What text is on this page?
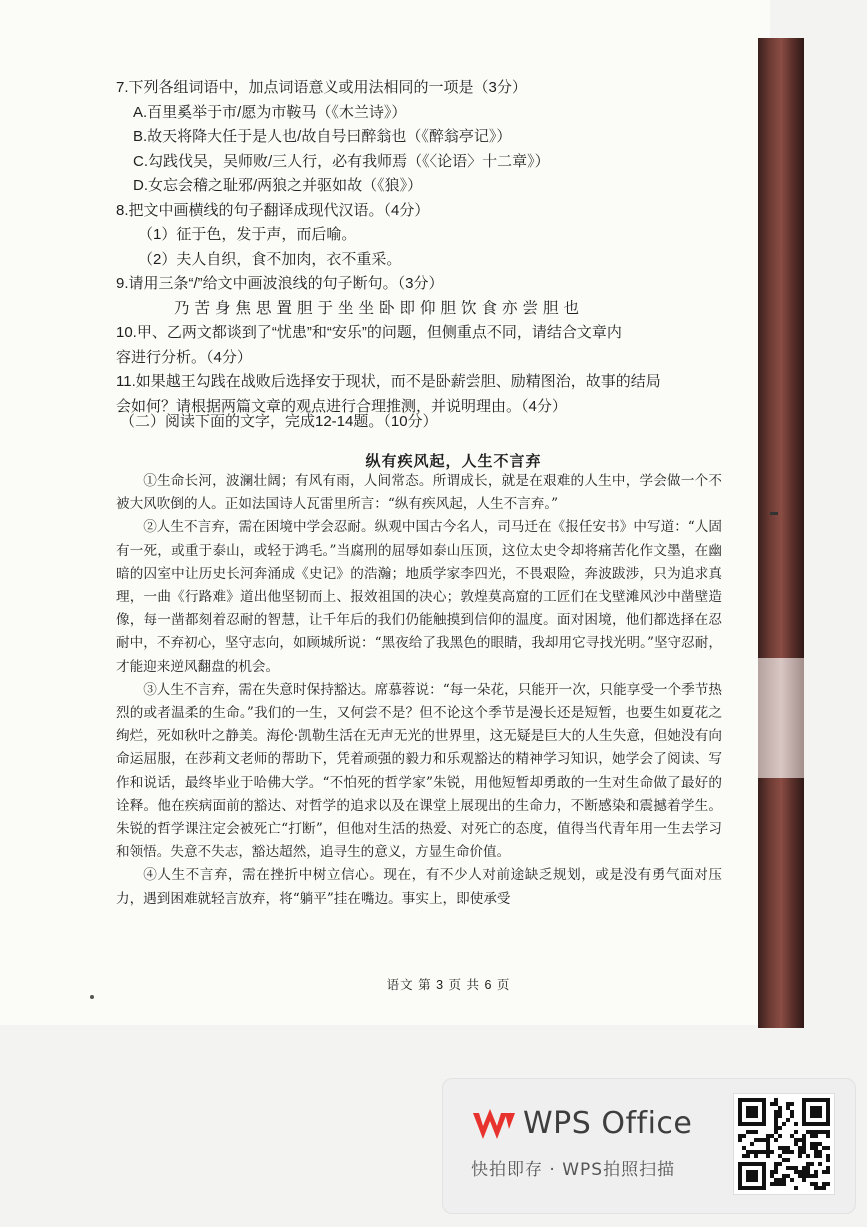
7.下列各组词语中，加点词语意义或用法相同的一项是（3分）

A.百里奚举于市/愿为市鞍马（《木兰诗》）

B.故天将降大任于是人也/故自号曰醉翁也（《醉翁亭记》）

C.勾践伐吴，吴师败/三人行，必有我师焉（《〈论语〉十二章》）

D.女忘会稽之耻邪/两狼之并驱如故（《狼》）

8.把文中画横线的句子翻译成现代汉语。（4分）

（1）征于色，发于声，而后喻。

（2）夫人自织，食不加肉，衣不重采。

9.请用三条“/”给文中画波浪线的句子断句。（3分）

乃苦身焦思置胆于坐坐卧即仰胆饮食亦尝胆也

10.甲、乙两文都谈到了“忧患”和“安乐”的问题，但侧重点不同，请结合文章内

容进行分析。（4分）

11.如果越王勾践在战败后选择安于现状，而不是卧薪尝胆、励精图治，故事的结局

会如何？请根据两篇文章的观点进行合理推测，并说明理由。（4分）

（二）阅读下面的文字，完成12-14题。（10分）
纵有疾风起，人生不言弃

①生命长河，波澜壮阔；有风有雨，人间常态。所谓成长，就是在艰难的人生中，学会做一个不被大风吹倒的人。正如法国诗人瓦雷里所言：“纵有疾风起，人生不言弃。”

②人生不言弃，需在困境中学会忍耐。纵观中国古今名人，司马迁在《报任安书》中写道：“人固有一死，或重于泰山，或轻于鸿毛。”当腐刑的屈辱如泰山压顶，这位太史令却将痛苦化作文墨，在幽暗的囚室中让历史长河奔涌成《史记》的浩瀚；地质学家李四光，不畏艰险，奔波跋涉，只为追求真理，一曲《行路难》道出他坚韧而上、报效祖国的决心；敦煌莫高窟的工匠们在戈壁滩风沙中凿壁造像，每一凿都刻着忍耐的智慧，让千年后的我们仍能触摸到信仰的温度。面对困境，他们都选择在忍耐中，不弃初心，坚守志向，如顾城所说：“黑夜给了我黑色的眼睛，我却用它寻找光明。”坚守忍耐，才能迎来逆风翻盘的机会。

③人生不言弃，需在失意时保持豁达。席慕蓉说：“每一朵花，只能开一次，只能享受一个季节热烈的或者温柔的生命。”我们的一生，又何尝不是？但不论这个季节是漫长还是短暂，也要生如夏花之绚烂，死如秋叶之静美。海伦·凯勒生活在无声无光的世界里，这无疑是巨大的人生失意，但她没有向命运屈服，在莎莉文老师的帮助下，凭着顽强的毅力和乐观豁达的精神学习知识，她学会了阅读、写作和说话，最终毕业于哈佛大学。“不怕死的哲学家”朱锐，用他短暂却勇敢的一生对生命做了最好的诠释。他在疾病面前的豁达、对哲学的追求以及在课堂上展现出的生命力，不断感染和震撼着学生。朱锐的哲学课注定会被死亡“打断”，但他对生活的热爱、对死亡的态度，值得当代青年用一生去学习和领悟。失意不失志，豁达超然，追寻生的意义，方显生命价值。

④人生不言弃，需在挫折中树立信心。现在，有不少人对前途缺乏规划，或是没有勇气面对压力，遇到困难就轻言放弃，将“躺平”挂在嘴边。事实上，即使承受

语文 第 3 页 共 6 页
WPS Office
快拍即存 · WPS拍照扫描
